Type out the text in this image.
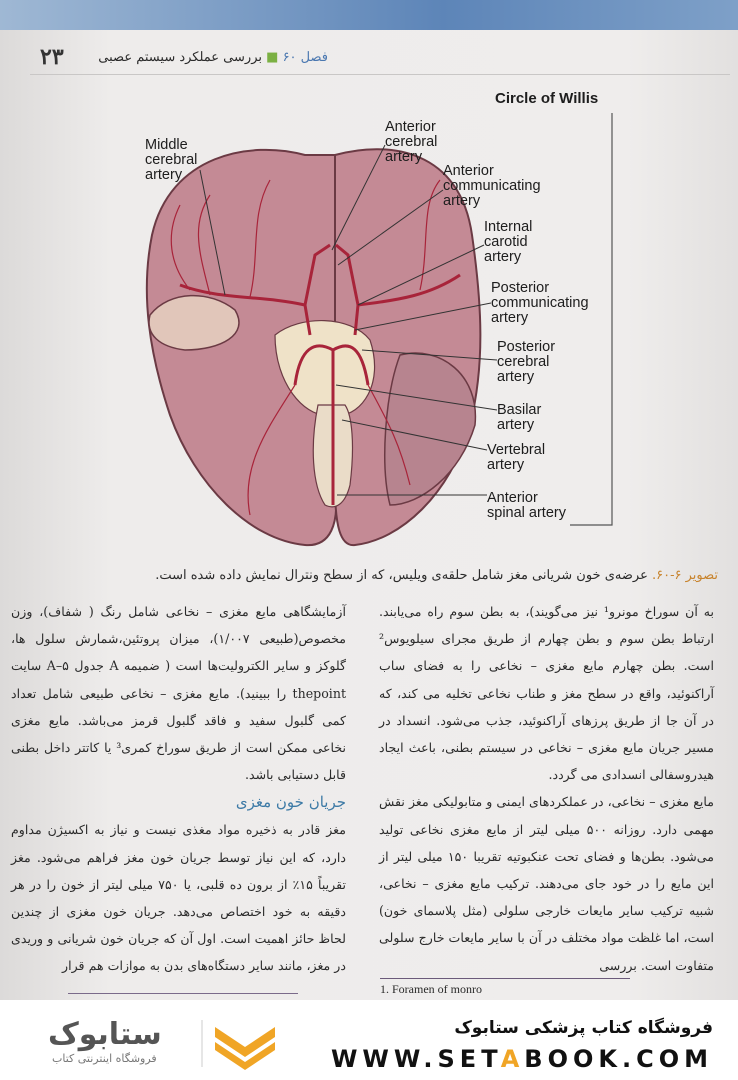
۲۳	فصل ۶۰ ■ بررسی عملکرد سیستم عصبی
Circle of Willis
Middle
cerebral
artery
Anterior
cerebral
artery
Anterior
communicating
artery
Internal
carotid
artery
Posterior
communicating
artery
Posterior
cerebral
artery
Basilar
artery
Vertebral
artery
Anterior
spinal artery
تصویر ۶-۶۰. عرضه‌ی خون شریانی مغز شامل حلقه‌ی ویلیس، که از سطح ونترال نمایش داده شده است.

به آن سوراخ مونرو¹ نیز می‌گویند)، به بطن سوم راه می‌یابند. ارتباط بطن سوم و بطن چهارم از طریق مجرای سیلویوس² است. بطن چهارم مایع مغزی – نخاعی را به فضای ساب آراکنوئید، واقع در سطح مغز و طناب نخاعی تخلیه می کند، که در آن جا از طریق پرزهای آراکنوئید، جذب می‌شود. انسداد در مسیر جریان مایع مغزی – نخاعی در سیستم بطنی، باعث ایجاد هیدروسفالی انسدادی می گردد.

مایع مغزی – نخاعی، در عملکردهای ایمنی و متابولیکی مغز نقش مهمی دارد. روزانه ۵۰۰ میلی لیتر از مایع مغزی نخاعی تولید می‌شود. بطن‌ها و فضای تحت عنکبوتیه تقریبا ۱۵۰ میلی لیتر از این مایع را در خود جای می‌دهند. ترکیب مایع مغزی – نخاعی، شبیه ترکیب سایر مایعات خارجی سلولی (مثل پلاسمای خون) است، اما غلظت مواد مختلف در آن با سایر مایعات خارج سلولی متفاوت است. بررسی

آزمایشگاهی مایع مغزی – نخاعی شامل رنگ ( شفاف)، وزن مخصوص(طبیعی ۱/۰۰۷)، میزان پروتئین،شمارش سلول ها، گلوکز و سایر الکترولیت‌ها است ( ضمیمه A جدول ۵–A سایت thepoint را ببینید). مایع مغزی – نخاعی طبیعی شامل تعداد کمی گلبول سفید و فاقد گلبول قرمز می‌باشد. مایع مغزی نخاعی ممکن است از طریق سوراخ کمری³ یا کاتتر داخل بطنی قابل دستیابی باشد.

جریان خون مغزی

مغز قادر به ذخیره مواد مغذی نیست و نیاز به اکسیژن مداوم دارد، که این نیاز توسط جریان خون مغز فراهم می‌شود. مغز تقریباً ۱۵٪ از برون ده قلبی، یا ۷۵۰ میلی لیتر از خون را در هر دقیقه به خود اختصاص می‌دهد. جریان خون مغزی از چندین لحاظ حائز اهمیت است. اول آن که جریان خون شریانی و وریدی در مغز، مانند سایر دستگاه‌های بدن به موازات هم قرار

1. Foramen of monro
ستابوک
فروشگاه اینترنتی کتاب
فروشگاه کتاب پزشکی ستابوک
WWW.SETABOOK.COM
